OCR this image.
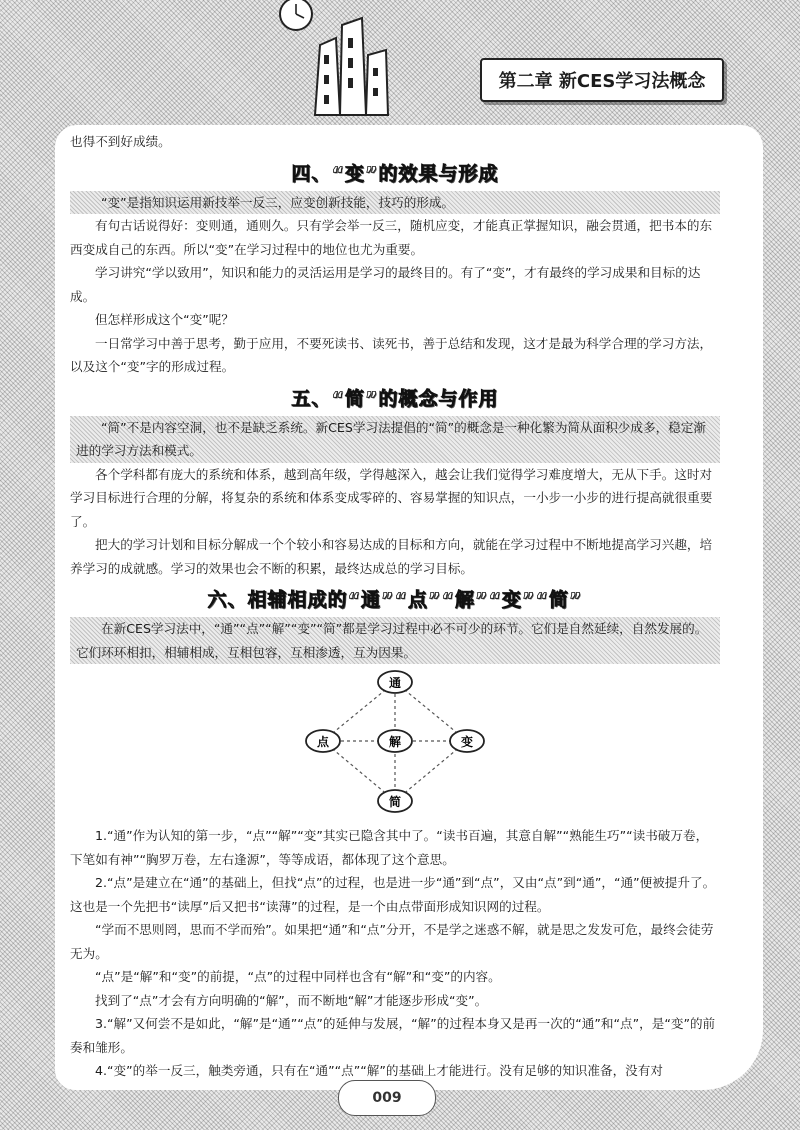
第二章 新CES学习法概念

也得不到好成绩。

四、“变”的效果与形成

“变”是指知识运用新技举一反三，应变创新技能，技巧的形成。

有句古话说得好：变则通，通则久。只有学会举一反三，随机应变，才能真正掌握知识，融会贯通，把书本的东西变成自己的东西。所以“变”在学习过程中的地位也尤为重要。

学习讲究“学以致用”，知识和能力的灵活运用是学习的最终目的。有了“变”，才有最终的学习成果和目标的达成。

但怎样形成这个“变”呢？

一日常学习中善于思考，勤于应用，不要死读书、读死书，善于总结和发现，这才是最为科学合理的学习方法，以及这个“变”字的形成过程。

五、“简”的概念与作用

“简”不是内容空洞，也不是缺乏系统。新CES学习法提倡的“简”的概念是一种化繁为简从面积少成多，稳定渐进的学习方法和模式。

各个学科都有庞大的系统和体系，越到高年级，学得越深入，越会让我们觉得学习难度增大，无从下手。这时对学习目标进行合理的分解，将复杂的系统和体系变成零碎的、容易掌握的知识点，一小步一小步的进行提高就很重要了。

把大的学习计划和目标分解成一个个较小和容易达成的目标和方向，就能在学习过程中不断地提高学习兴趣，培养学习的成就感。学习的效果也会不断的积累，最终达成总的学习目标。

六、相辅相成的“通”“点”“解”“变”“简”

在新CES学习法中，“通”“点”“解”“变”“简”都是学习过程中必不可少的环节。它们是自然延续，自然发展的。它们环环相扣，相辅相成，互相包容，互相渗透，互为因果。

通
点	解	变
简

1.“通”作为认知的第一步，“点”“解”“变”其实已隐含其中了。“读书百遍，其意自解”“熟能生巧”“读书破万卷，下笔如有神”“胸罗万卷，左右逢源”，等等成语，都体现了这个意思。

2.“点”是建立在“通”的基础上，但找“点”的过程，也是进一步“通”到“点”，又由“点”到“通”，“通”便被提升了。这也是一个先把书“读厚”后又把书“读薄”的过程，是一个由点带面形成知识网的过程。

“学而不思则罔，思而不学而殆”。如果把“通”和“点”分开，不是学之迷惑不解，就是思之发发可危，最终会徒劳无为。

“点”是“解”和“变”的前提，“点”的过程中同样也含有“解”和“变”的内容。

找到了“点”才会有方向明确的“解”，而不断地“解”才能逐步形成“变”。

3.“解”又何尝不是如此，“解”是“通”“点”的延伸与发展，“解”的过程本身又是再一次的“通”和“点”，是“变”的前奏和雏形。

4.“变”的举一反三，触类旁通，只有在“通”“点”“解”的基础上才能进行。没有足够的知识准备，没有对

009
